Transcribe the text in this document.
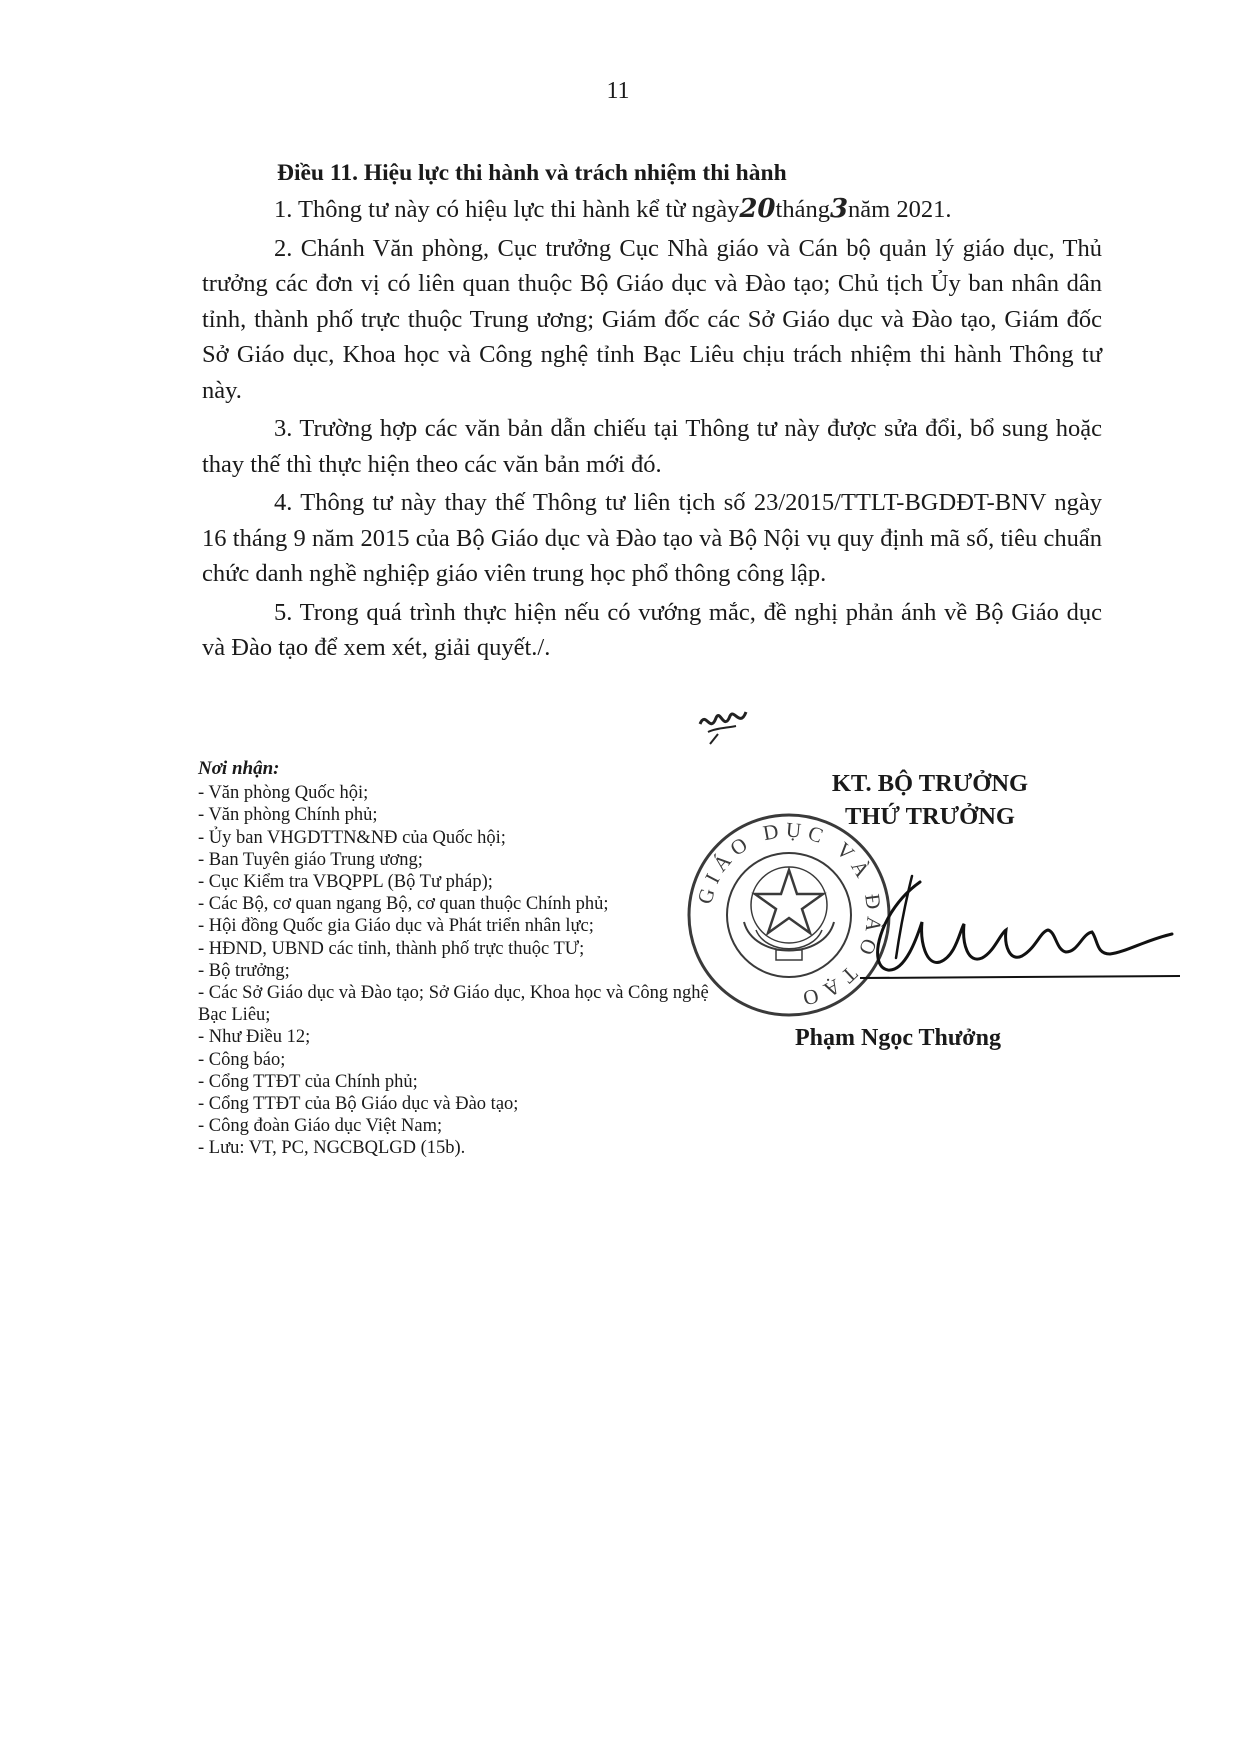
11
Điều 11. Hiệu lực thi hành và trách nhiệm thi hành

1. Thông tư này có hiệu lực thi hành kể từ ngày20tháng3năm 2021.

2. Chánh Văn phòng, Cục trưởng Cục Nhà giáo và Cán bộ quản lý giáo dục, Thủ trưởng các đơn vị có liên quan thuộc Bộ Giáo dục và Đào tạo; Chủ tịch Ủy ban nhân dân tỉnh, thành phố trực thuộc Trung ương; Giám đốc các Sở Giáo dục và Đào tạo, Giám đốc Sở Giáo dục, Khoa học và Công nghệ tỉnh Bạc Liêu chịu trách nhiệm thi hành Thông tư này.

3. Trường hợp các văn bản dẫn chiếu tại Thông tư này được sửa đổi, bổ sung hoặc thay thế thì thực hiện theo các văn bản mới đó.

4. Thông tư này thay thế Thông tư liên tịch số 23/2015/TTLT-BGDĐT-BNV ngày 16 tháng 9 năm 2015 của Bộ Giáo dục và Đào tạo và Bộ Nội vụ quy định mã số, tiêu chuẩn chức danh nghề nghiệp giáo viên trung học phổ thông công lập.

5. Trong quá trình thực hiện nếu có vướng mắc, đề nghị phản ánh về Bộ Giáo dục và Đào tạo để xem xét, giải quyết./.

Nơi nhận:

- Văn phòng Quốc hội;
- Văn phòng Chính phủ;
- Ủy ban VHGDTTN&NĐ của Quốc hội;
- Ban Tuyên giáo Trung ương;
- Cục Kiểm tra VBQPPL (Bộ Tư pháp);
- Các Bộ, cơ quan ngang Bộ, cơ quan thuộc Chính phủ;
- Hội đồng Quốc gia Giáo dục và Phát triển nhân lực;
- HĐND, UBND các tỉnh, thành phố trực thuộc TƯ;
- Bộ trưởng;
- Các Sở Giáo dục và Đào tạo; Sở Giáo dục, Khoa học và Công nghệ Bạc Liêu;
- Như Điều 12;
- Công báo;
- Cổng TTĐT của Chính phủ;
- Cổng TTĐT của Bộ Giáo dục và Đào tạo;
- Công đoàn Giáo dục Việt Nam;
- Lưu: VT, PC, NGCBQLGD (15b).
KT. BỘ TRƯỞNG
THỨ TRƯỞNG
GIÁO DỤC VÀ ĐÀO TẠO
Phạm Ngọc Thưởng
